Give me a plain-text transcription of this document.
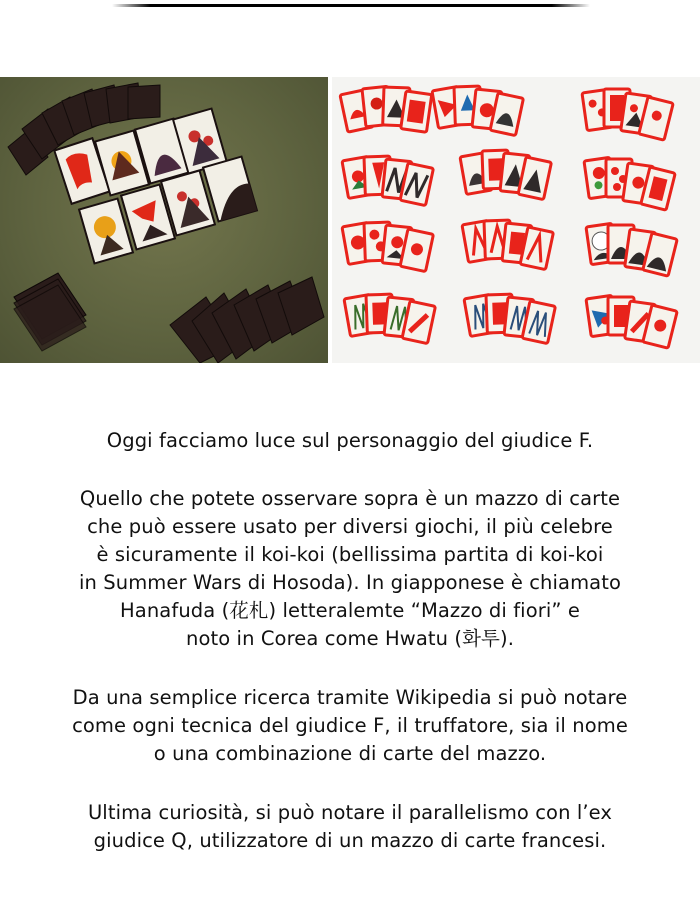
Oggi facciamo luce sul personaggio del giudice F.
Quello che potete osservare sopra è un mazzo di carte
che può essere usato per diversi giochi, il più celebre
è sicuramente il koi-koi (bellissima partita di koi-koi
in Summer Wars di Hosoda). In giapponese è chiamato
Hanafuda (花札) letteralemte “Mazzo di fiori” e
noto in Corea come Hwatu (화투).
Da una semplice ricerca tramite Wikipedia si può notare
come ogni tecnica del giudice F, il truffatore, sia il nome
o una combinazione di carte del mazzo.
Ultima curiosità, si può notare il parallelismo con l’ex
giudice Q, utilizzatore di un mazzo di carte francesi.
